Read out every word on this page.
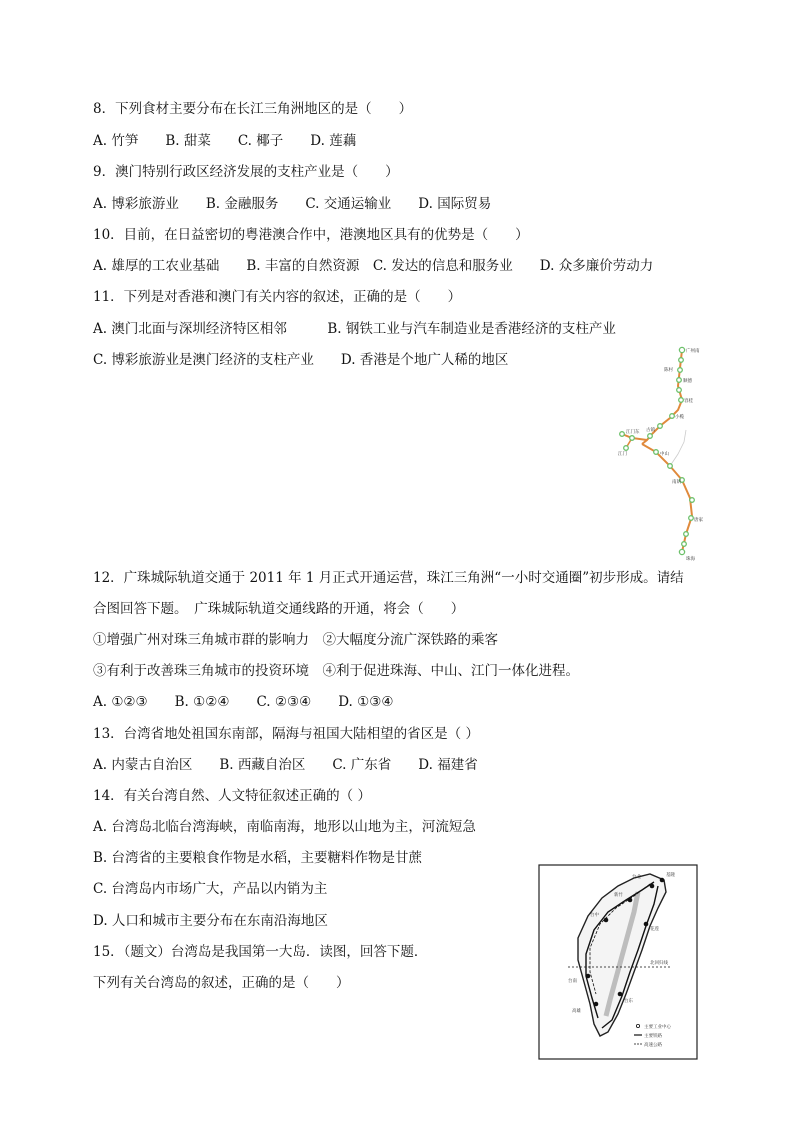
8．下列食材主要分布在长江三角洲地区的是（　　）
A. 竹笋　　B. 甜菜　　C. 椰子　　D. 莲藕
9．澳门特别行政区经济发展的支柱产业是（　　）
A. 博彩旅游业　　B. 金融服务　　C. 交通运输业　　D. 国际贸易
10．目前，在日益密切的粤港澳合作中，港澳地区具有的优势是（　　）
A. 雄厚的工农业基础　　B. 丰富的自然资源　C. 发达的信息和服务业　　D. 众多廉价劳动力
11．下列是对香港和澳门有关内容的叙述，正确的是（　　）
A. 澳门北面与深圳经济特区相邻　　　B. 钢铁工业与汽车制造业是香港经济的支柱产业
C. 博彩旅游业是澳门经济的支柱产业　　D. 香港是个地广人稀的地区
广州南
陈村
顺德
容桂
小榄
古镇
江门东
江门	中山
南朗
唐家
珠海
12．广珠城际轨道交通于 2011 年 1 月正式开通运营，珠江三角洲“一小时交通圈”初步形成。请结
合图回答下题。　广珠城际轨道交通线路的开通，将会（　　）
①增强广州对珠三角城市群的影响力　②大幅度分流广深铁路的乘客
③有利于改善珠三角城市的投资环境　④利于促进珠海、中山、江门一体化进程。
A. ①②③　　B. ①②④　　C. ②③④　　D. ①③④
13．台湾省地处祖国东南部，隔海与祖国大陆相望的省区是（ ）
A. 内蒙古自治区　　B. 西藏自治区　　C. 广东省　　D. 福建省
14．有关台湾自然、人文特征叙述正确的（ ）
A. 台湾岛北临台湾海峡，南临南海，地形以山地为主，河流短急
B. 台湾省的主要粮食作物是水稻，主要糖料作物是甘蔗
C. 台湾岛内市场广大，产品以内销为主
D. 人口和城市主要分布在东南沿海地区
15．（题文）台湾岛是我国第一大岛．读图，回答下题．
下列有关台湾岛的叙述，正确的是（　　）
基隆
台北
新竹
台中
花莲
台南
高雄
台东
北回归线
主要工业中心
主要铁路
高速公路
